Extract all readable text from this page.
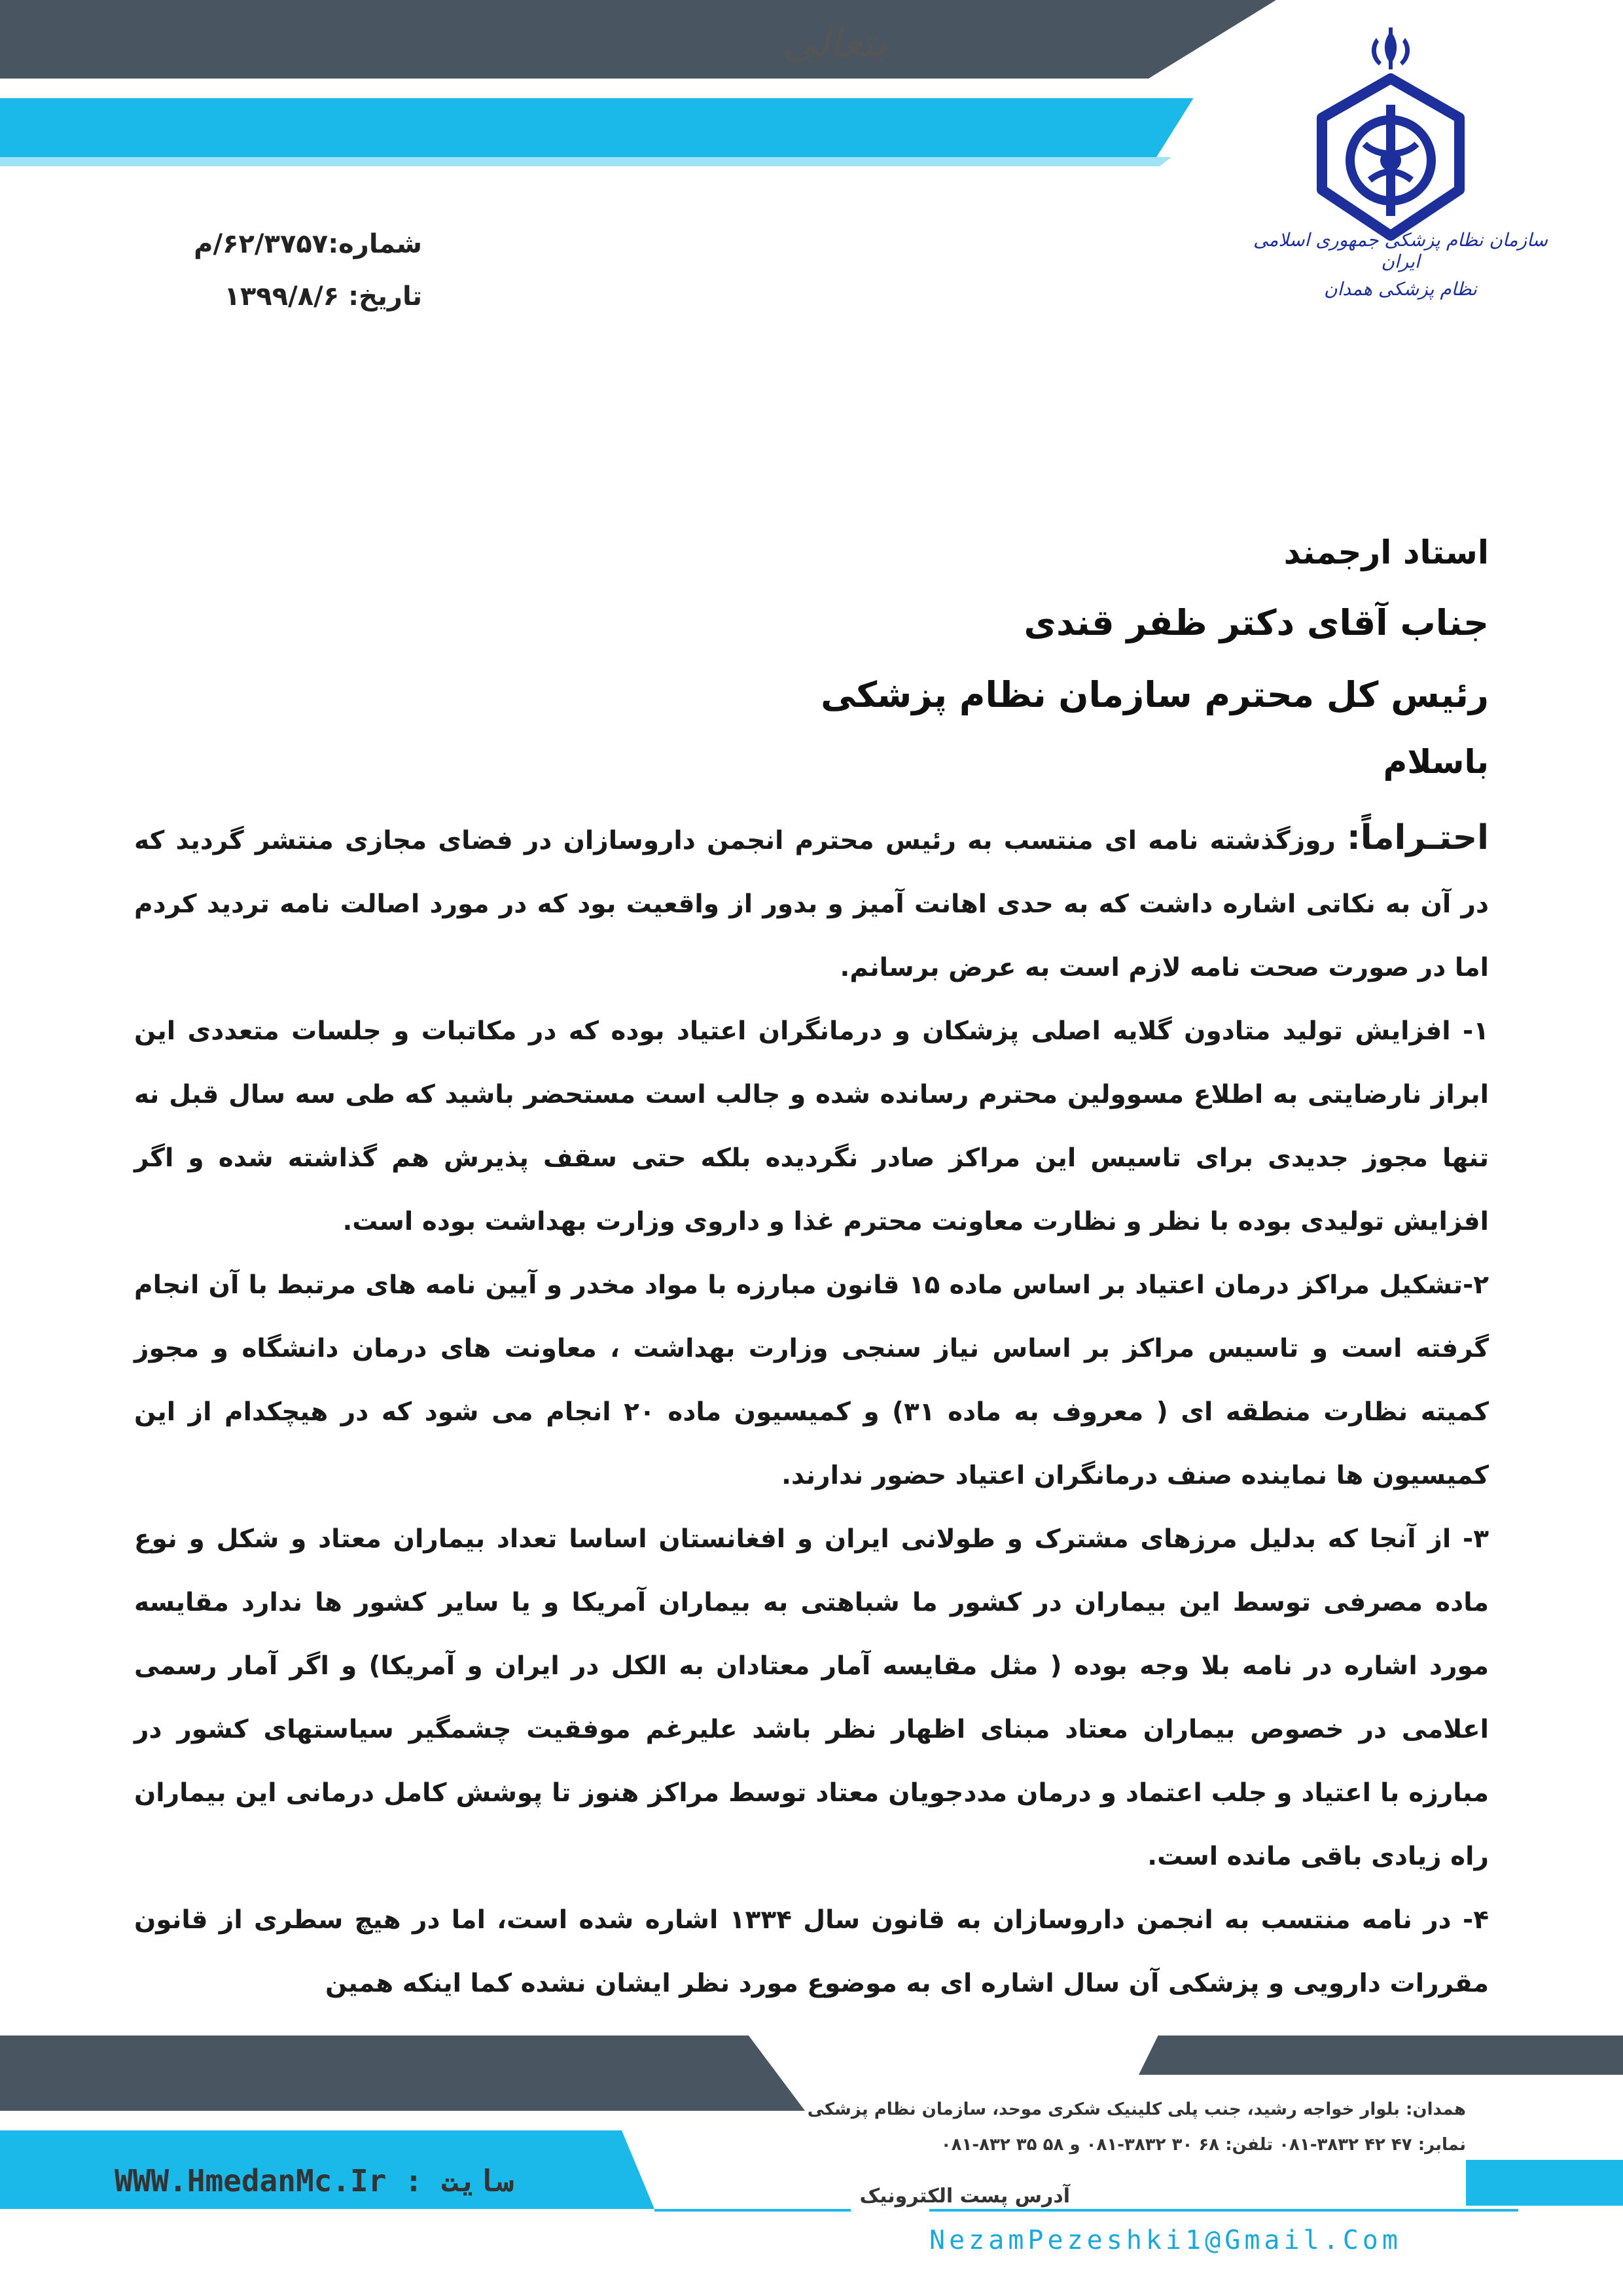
بتعالی
سازمان نظام پزشکی جمهوری اسلامی ایران
نظام پزشکی همدان
شماره:۶۲/۳۷۵۷/م
تاریخ: ۱۳۹۹/۸/۶
استاد ارجمند
جناب آقای دکتر ظفر قندی
رئیس کل محترم سازمان نظام پزشکی
باسلام

احتـراماً: روزگذشته نامه ای منتسب به رئیس محترم انجمن داروسازان در فضای مجازی منتشر گردید که در آن به نکاتی اشاره داشت که به حدی اهانت آمیز و بدور از واقعیت بود که در مورد اصالت نامه تردید کردم اما در صورت صحت نامه لازم است به عرض برسانم.

۱- افزایش تولید متادون گلایه اصلی پزشکان و درمانگران اعتیاد بوده که در مکاتبات و جلسات متعددی این ابراز نارضایتی به اطلاع مسوولین محترم رسانده شده و جالب است مستحضر باشید که طی سه سال قبل نه تنها مجوز جدیدی برای تاسیس این مراکز صادر نگردیده بلکه حتی سقف پذیرش هم گذاشته شده و اگر افزایش تولیدی بوده با نظر و نظارت معاونت محترم غذا و داروی وزارت بهداشت بوده است.

۲-تشکیل مراکز درمان اعتیاد بر اساس ماده ۱۵ قانون مبارزه با مواد مخدر و آیین نامه های مرتبط با آن انجام گرفته است و تاسیس مراکز بر اساس نیاز سنجی وزارت بهداشت ، معاونت های درمان دانشگاه و مجوز کمیته نظارت منطقه ای ( معروف به ماده ۳۱) و کمیسیون ماده ۲۰ انجام می شود که در هیچکدام از این کمیسیون ها نماینده صنف درمانگران اعتیاد حضور ندارند.

۳- از آنجا که بدلیل مرزهای مشترک و طولانی ایران و افغانستان اساسا تعداد بیماران معتاد و شکل و نوع ماده مصرفی توسط این بیماران در کشور ما شباهتی به بیماران آمریکا و یا سایر کشور ها ندارد مقایسه مورد اشاره در نامه بلا وجه بوده ( مثل مقایسه آمار معتادان به الکل در ایران و آمریکا) و اگر آمار رسمی اعلامی در خصوص بیماران معتاد مبنای اظهار نظر باشد علیرغم موفقیت چشمگیر سیاستهای کشور در مبارزه با اعتیاد و جلب اعتماد و درمان مددجویان معتاد توسط مراکز هنوز تا پوشش کامل درمانی این بیماران راه زیادی باقی مانده است.

۴- در نامه منتسب به انجمن داروسازان به قانون سال ۱۳۳۴ اشاره شده است، اما در هیچ سطری از قانون مقررات دارویی و پزشکی آن سال اشاره ای به موضوع مورد نظر ایشان نشده کما اینکه همین

همدان: بلوار خواجه رشید، جنب پلی کلینیک شکری موحد، سازمان نظام پزشکی
نمابر: ۴۷ ۴۲ ۳۸۳۲-۰۸۱ تلفن: ۶۸ ۳۰ ۳۸۳۲-۰۸۱ و ۵۸ ۳۵ ۸۳۲-۰۸۱
WWW.HmedanMc.Ir : سایت	آدرس پست الکترونیک
NezamPezeshki1@Gmail.Com
